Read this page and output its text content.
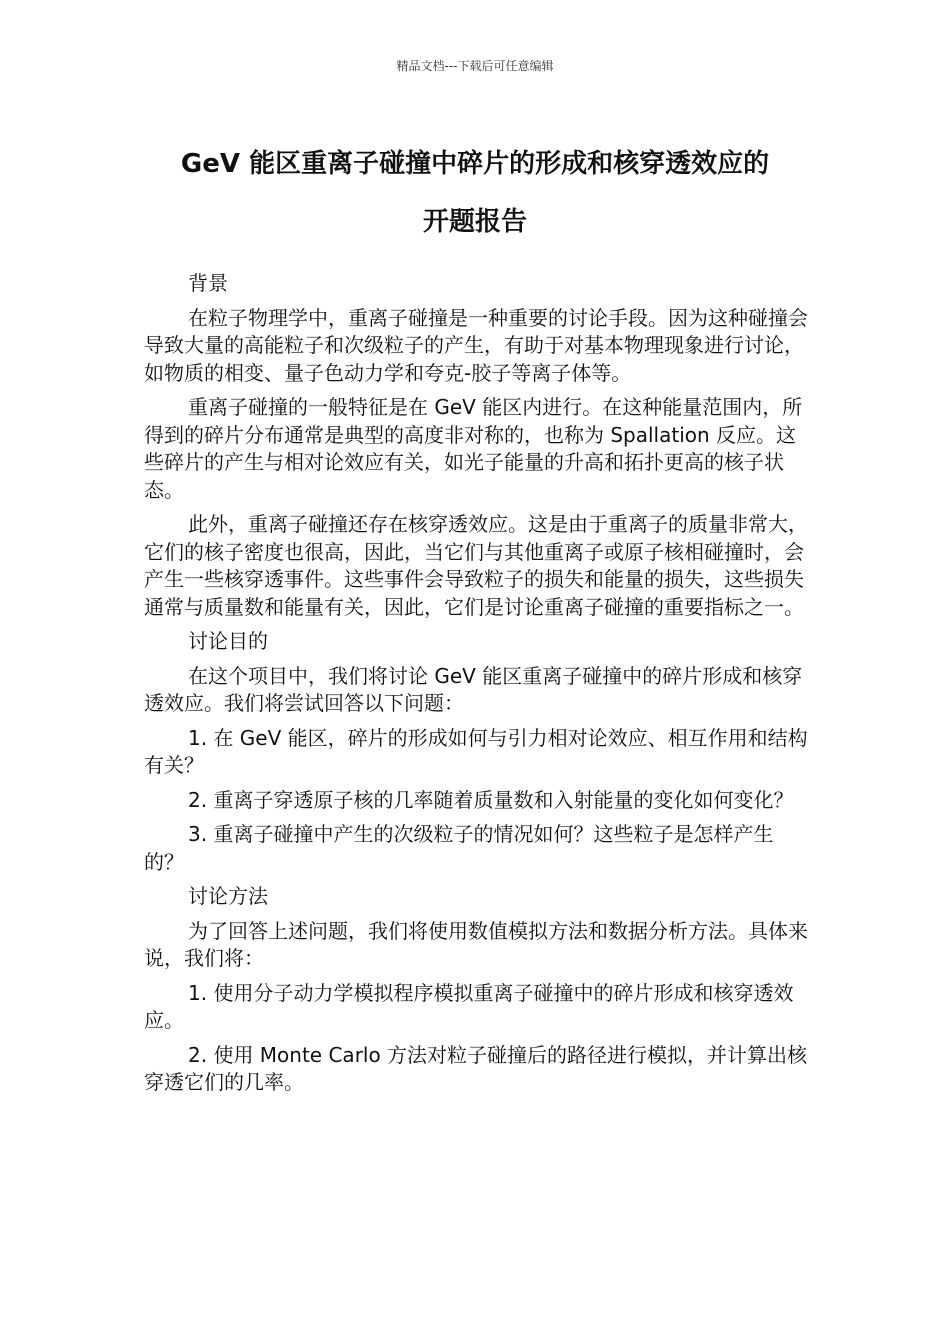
精品文档---下载后可任意编辑
GeV 能区重离子碰撞中碎片的形成和核穿透效应的
开题报告

背景

在粒子物理学中，重离子碰撞是一种重要的讨论手段。因为这种碰撞会导致大量的高能粒子和次级粒子的产生，有助于对基本物理现象进行讨论，如物质的相变、量子色动力学和夸克-胶子等离子体等。

重离子碰撞的一般特征是在 GeV 能区内进行。在这种能量范围内，所得到的碎片分布通常是典型的高度非对称的，也称为 Spallation 反应。这些碎片的产生与相对论效应有关，如光子能量的升高和拓扑更高的核子状态。

此外，重离子碰撞还存在核穿透效应。这是由于重离子的质量非常大，它们的核子密度也很高，因此，当它们与其他重离子或原子核相碰撞时，会产生一些核穿透事件。这些事件会导致粒子的损失和能量的损失，这些损失通常与质量数和能量有关，因此，它们是讨论重离子碰撞的重要指标之一。

讨论目的

在这个项目中，我们将讨论 GeV 能区重离子碰撞中的碎片形成和核穿透效应。我们将尝试回答以下问题：

1. 在 GeV 能区，碎片的形成如何与引力相对论效应、相互作用和结构有关？

2. 重离子穿透原子核的几率随着质量数和入射能量的变化如何变化？

3. 重离子碰撞中产生的次级粒子的情况如何？这些粒子是怎样产生的？

讨论方法

为了回答上述问题，我们将使用数值模拟方法和数据分析方法。具体来说，我们将：

1. 使用分子动力学模拟程序模拟重离子碰撞中的碎片形成和核穿透效应。

2. 使用 Monte Carlo 方法对粒子碰撞后的路径进行模拟，并计算出核穿透它们的几率。
